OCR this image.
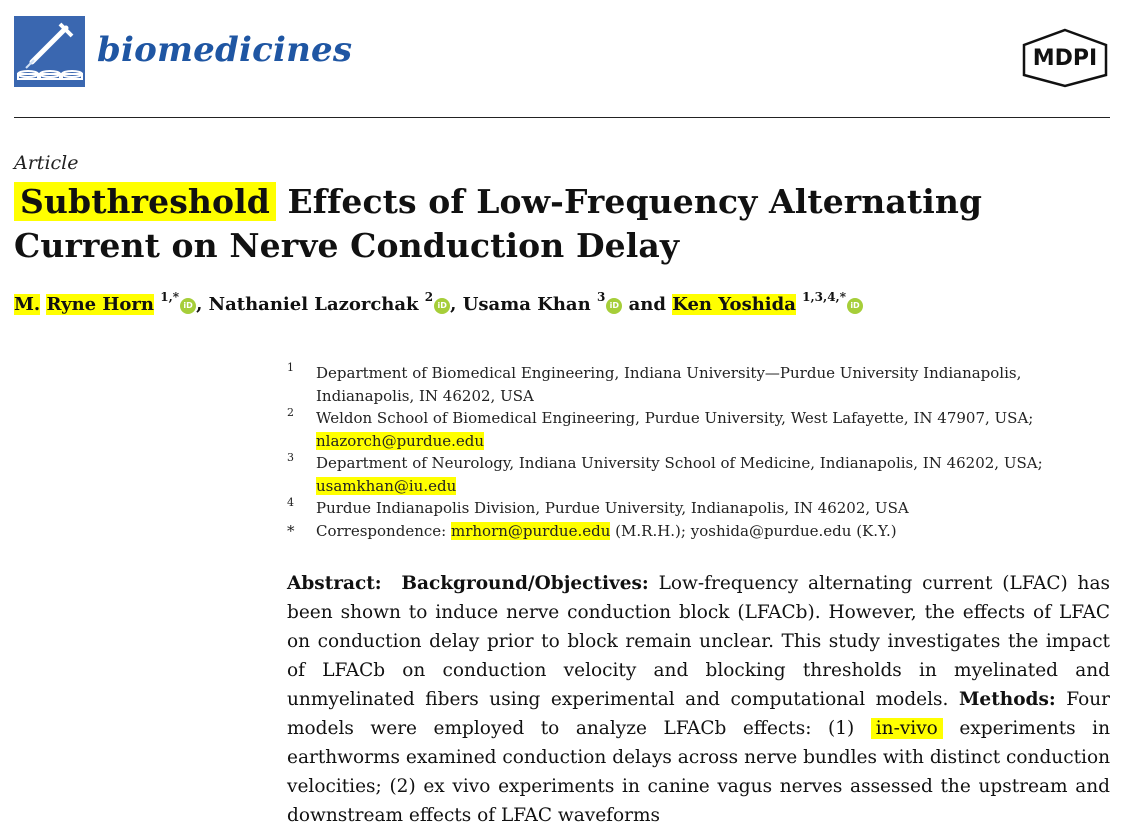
biomedicines	MDPI
Article
Subthreshold Effects of Low-Frequency Alternating Current on Nerve Conduction Delay
M. Ryne Horn $^{1,*}$iD , Nathaniel Lazorchak $^2$iD , Usama Khan $^3$iD and Ken Yoshida $^{1,3,4,*}$iD
1 Department of Biomedical Engineering, Indiana University—Purdue University Indianapolis,
Indianapolis, IN 46202, USA
2 Weldon School of Biomedical Engineering, Purdue University, West Lafayette, IN 47907, USA;
nlazorch@purdue.edu
3 Department of Neurology, Indiana University School of Medicine, Indianapolis, IN 46202, USA;
usamkhan@iu.edu
4 Purdue Indianapolis Division, Purdue University, Indianapolis, IN 46202, USA
* Correspondence: mrhorn@purdue.edu (M.R.H.); yoshida@purdue.edu (K.Y.)
Abstract: Background/Objectives: Low-frequency alternating current (LFAC) has been shown to induce nerve conduction block (LFACb). However, the effects of LFAC on conduction delay prior to block remain unclear. This study investigates the impact of LFACb on conduction velocity and blocking thresholds in myelinated and unmyelinated fibers using experimental and computational models. Methods: Four models were employed to analyze LFACb effects: (1) in-vivo experiments in earthworms examined conduction delays across nerve bundles with distinct conduction velocities; (2) ex vivo experiments in canine vagus nerves assessed the upstream and downstream effects of LFAC waveforms
